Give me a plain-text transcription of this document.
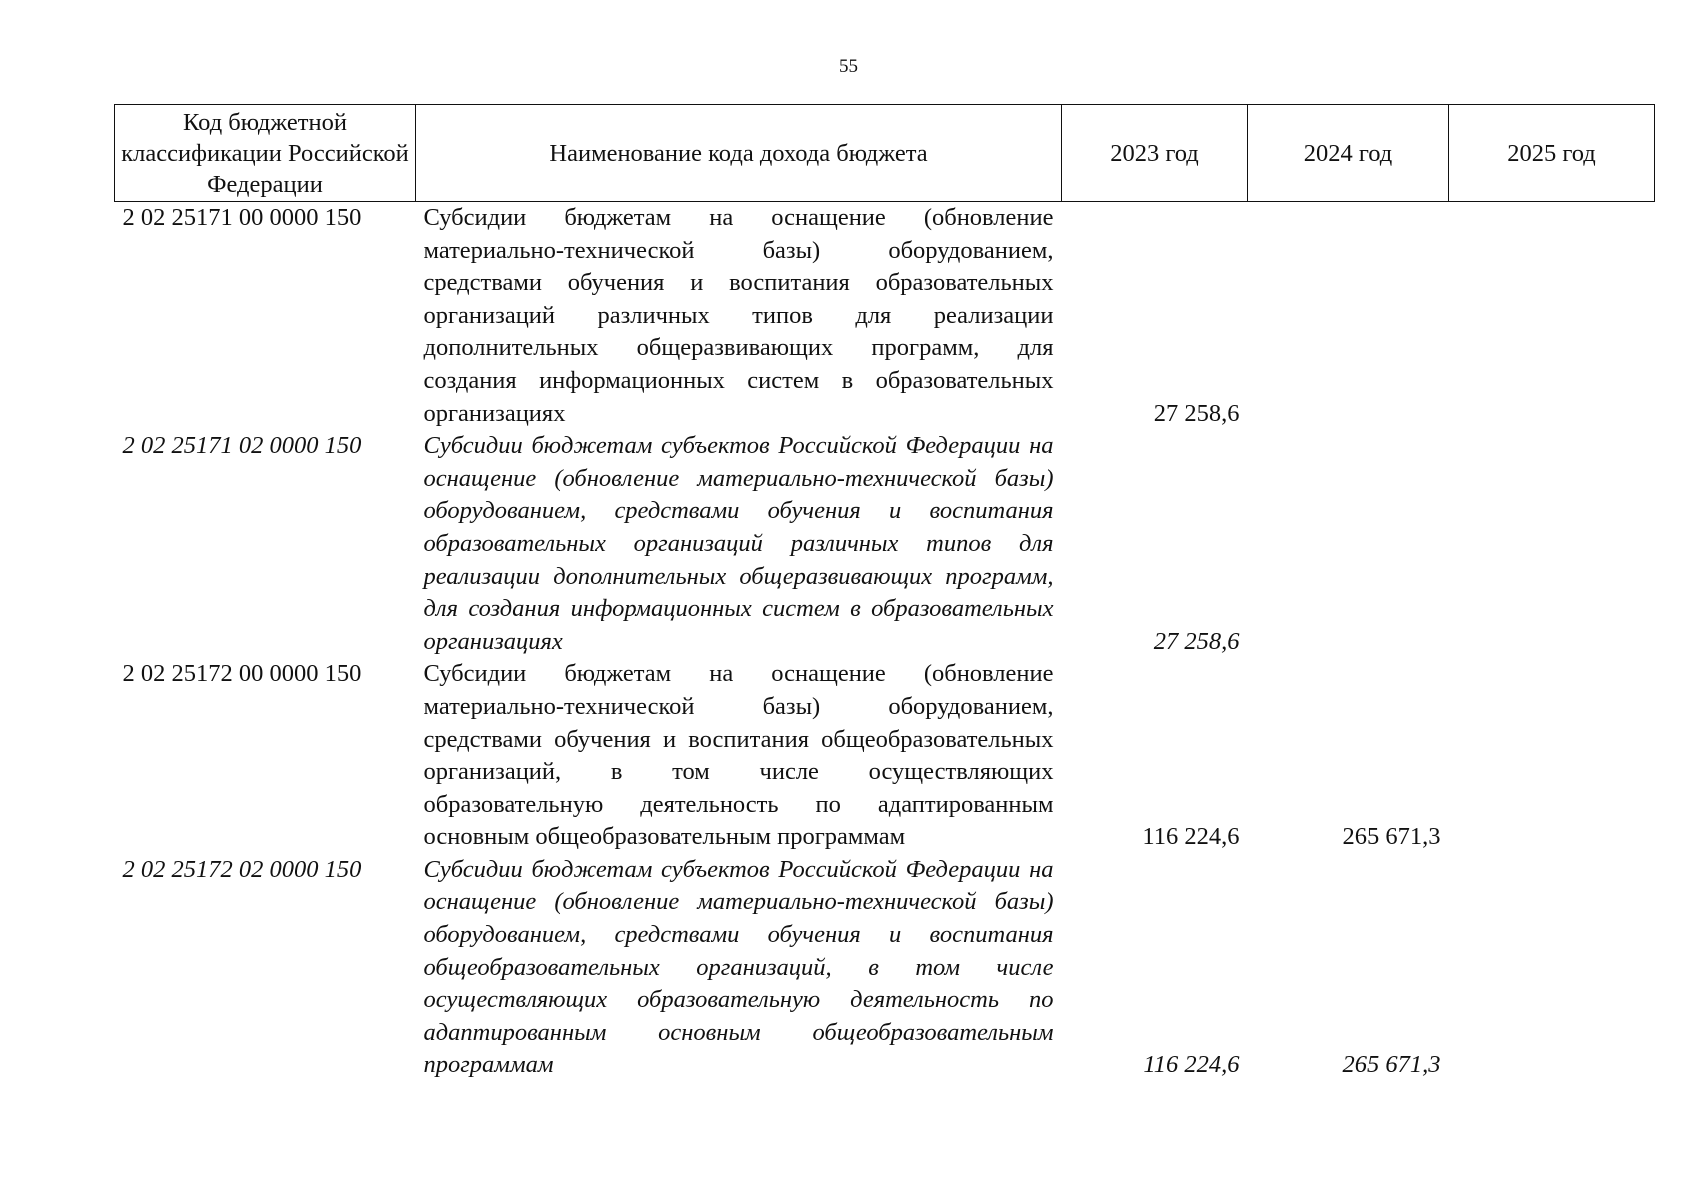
55
Код бюджетной классификации Российской Федерации	Наименование кода дохода бюджета	2023 год	2024 год	2025 год
2 02 25171 00 0000 150	Субсидии бюджетам на оснащение (обновление материально-технической базы) оборудованием, средствами обучения и воспитания образовательных организаций различных типов для реализации дополнительных общеразвивающих программ, для создания информационных систем в образовательных организациях	27 258,6		
2 02 25171 02 0000 150	Субсидии бюджетам субъектов Российской Федерации на оснащение (обновление материально-технической базы) оборудованием, средствами обучения и воспитания образовательных организаций различных типов для реализации дополнительных общеразвивающих программ, для создания информационных систем в образовательных организациях	27 258,6		
2 02 25172 00 0000 150	Субсидии бюджетам на оснащение (обновление материально-технической базы) оборудованием, средствами обучения и воспитания общеобразовательных организаций, в том числе осуществляющих образовательную деятельность по адаптированным основным общеобразовательным программам	116 224,6	265 671,3	
2 02 25172 02 0000 150	Субсидии бюджетам субъектов Российской Федерации на оснащение (обновление материально-технической базы) оборудованием, средствами обучения и воспитания общеобразовательных организаций, в том числе осуществляющих образовательную деятельность по адаптированным основным общеобразовательным программам	116 224,6	265 671,3	
